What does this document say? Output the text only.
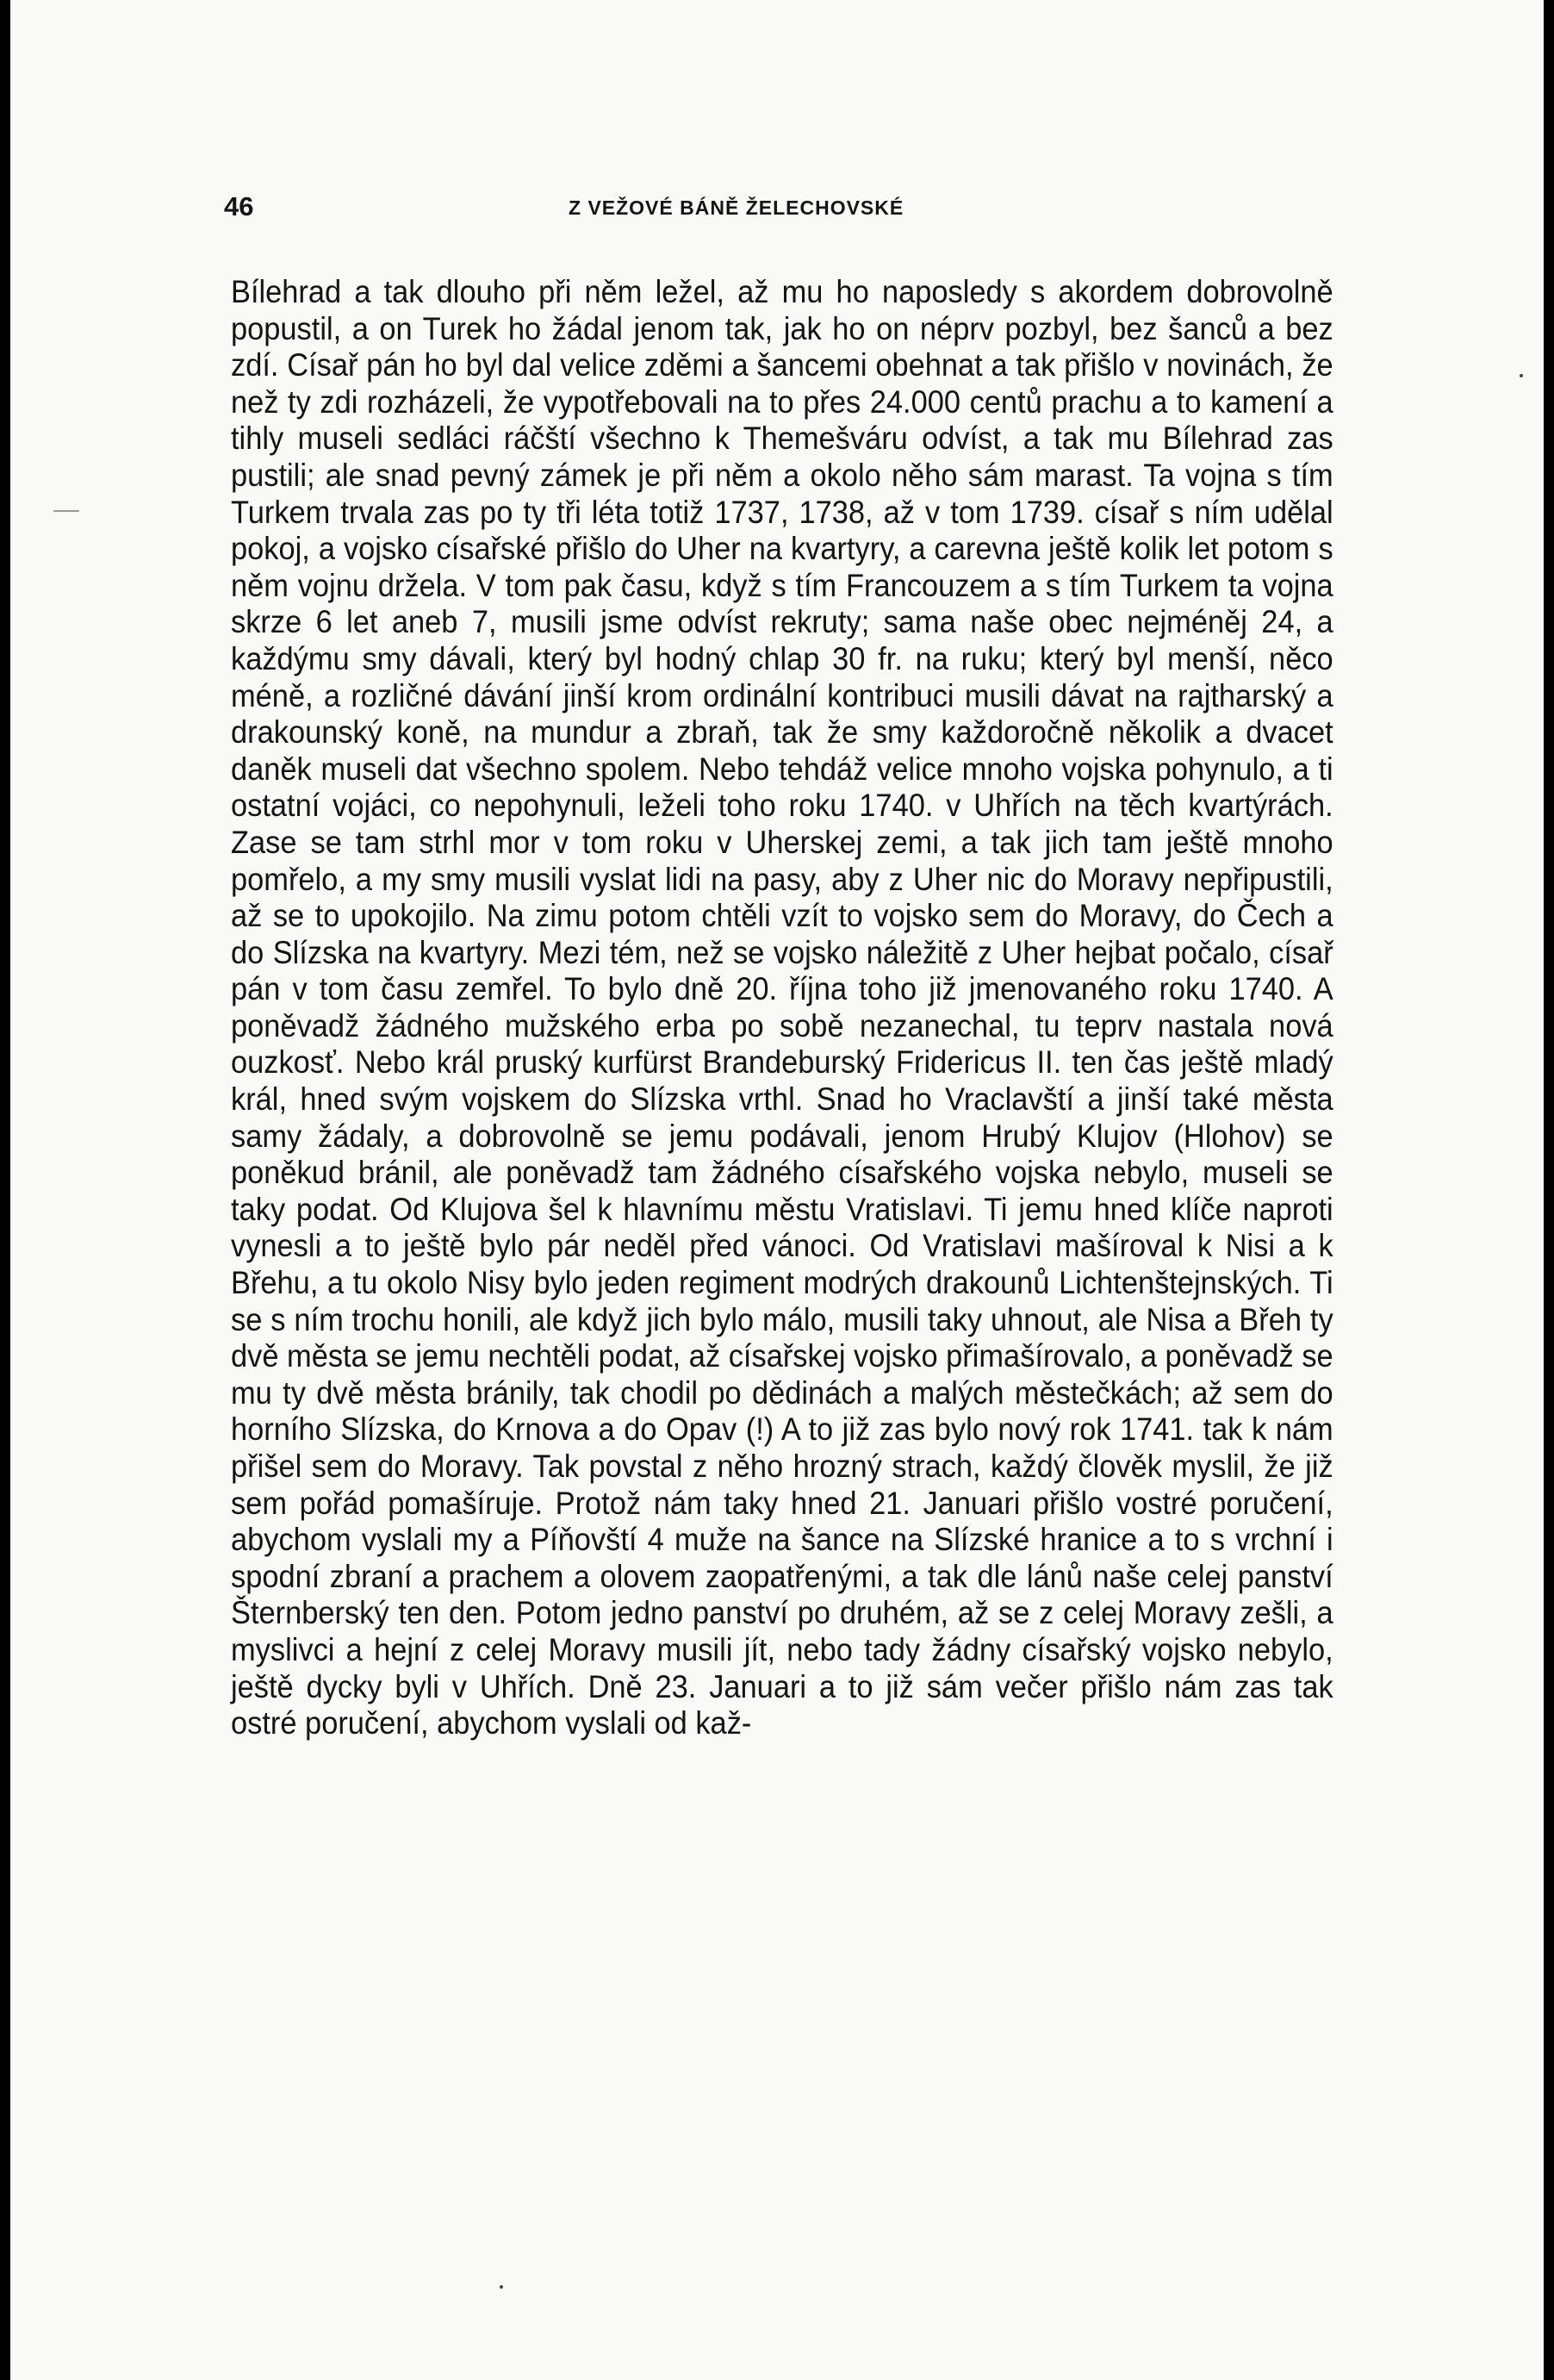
46	Z VEŽOVÉ BÁNĚ ŽELECHOVSKÉ

Bílehrad a tak dlouho při něm ležel, až mu ho naposledy s akordem dobrovolně popustil, a on Turek ho žádal jenom tak, jak ho on néprv pozbyl, bez šanců a bez zdí. Císař pán ho byl dal velice zděmi a šancemi obehnat a tak přišlo v novinách, že než ty zdi rozházeli, že vypotřebovali na to přes 24.000 centů prachu a to kamení a tihly museli sedláci ráčští všechno k Themešváru odvíst, a tak mu Bílehrad zas pustili; ale snad pevný zámek je při něm a okolo něho sám marast. Ta vojna s tím Turkem trvala zas po ty tři léta totiž 1737, 1738, až v tom 1739. císař s ním udělal pokoj, a vojsko císařské přišlo do Uher na kvartyry, a carevna ještě kolik let potom s něm vojnu držela. V tom pak času, když s tím Francouzem a s tím Turkem ta vojna skrze 6 let aneb 7, musili jsme odvíst rekruty; sama naše obec nejméněj 24, a každýmu smy dávali, který byl hodný chlap 30 fr. na ruku; který byl menší, něco méně, a rozličné dávání jinší krom ordinální kontribuci musili dávat na rajtharský a drakounský koně, na mundur a zbraň, tak že smy každoročně několik a dvacet daněk museli dat všechno spolem. Nebo tehdáž velice mnoho vojska pohynulo, a ti ostatní vojáci, co nepohynuli, leželi toho roku 1740. v Uhřích na těch kvartýrách. Zase se tam strhl mor v tom roku v Uherskej zemi, a tak jich tam ještě mnoho pomřelo, a my smy musili vyslat lidi na pasy, aby z Uher nic do Moravy nepřipustili, až se to upokojilo. Na zimu potom chtěli vzít to vojsko sem do Moravy, do Čech a do Slízska na kvartyry. Mezi tém, než se vojsko náležitě z Uher hejbat počalo, císař pán v tom času zemřel. To bylo dně 20. října toho již jmenovaného roku 1740. A poněvadž žádného mužského erba po sobě nezanechal, tu teprv nastala nová ouzkosť. Nebo král pruský kurfürst Brandeburský Fridericus II. ten čas ještě mladý král, hned svým vojskem do Slízska vrthl. Snad ho Vraclavští a jinší také města samy žádaly, a dobrovolně se jemu podávali, jenom Hrubý Klujov (Hlohov) se poněkud bránil, ale poněvadž tam žádného císařského vojska nebylo, museli se taky podat. Od Klujova šel k hlavnímu městu Vratislavi. Ti jemu hned klíče naproti vynesli a to ještě bylo pár neděl před vánoci. Od Vratislavi mašíroval k Nisi a k Břehu, a tu okolo Nisy bylo jeden regiment modrých drakounů Lichtenštejnských. Ti se s ním trochu honili, ale když jich bylo málo, musili taky uhnout, ale Nisa a Břeh ty dvě města se jemu nechtěli podat, až císařskej vojsko přimašírovalo, a poněvadž se mu ty dvě města bránily, tak chodil po dědinách a malých městečkách; až sem do horního Slízska, do Krnova a do Opav (!) A to již zas bylo nový rok 1741. tak k nám přišel sem do Moravy. Tak povstal z něho hrozný strach, každý člověk myslil, že již sem pořád pomašíruje. Protož nám taky hned 21. Januari přišlo vostré poručení, abychom vyslali my a Píňovští 4 muže na šance na Slízské hranice a to s vrchní i spodní zbraní a prachem a olovem zaopatřenými, a tak dle lánů naše celej panství Šternberský ten den. Potom jedno panství po druhém, až se z celej Moravy zešli, a myslivci a hejní z celej Moravy musili jít, nebo tady žádny císařský vojsko nebylo, ještě dycky byli v Uhřích. Dně 23. Januari a to již sám večer přišlo nám zas tak ostré poručení, abychom vyslali od kaž-
